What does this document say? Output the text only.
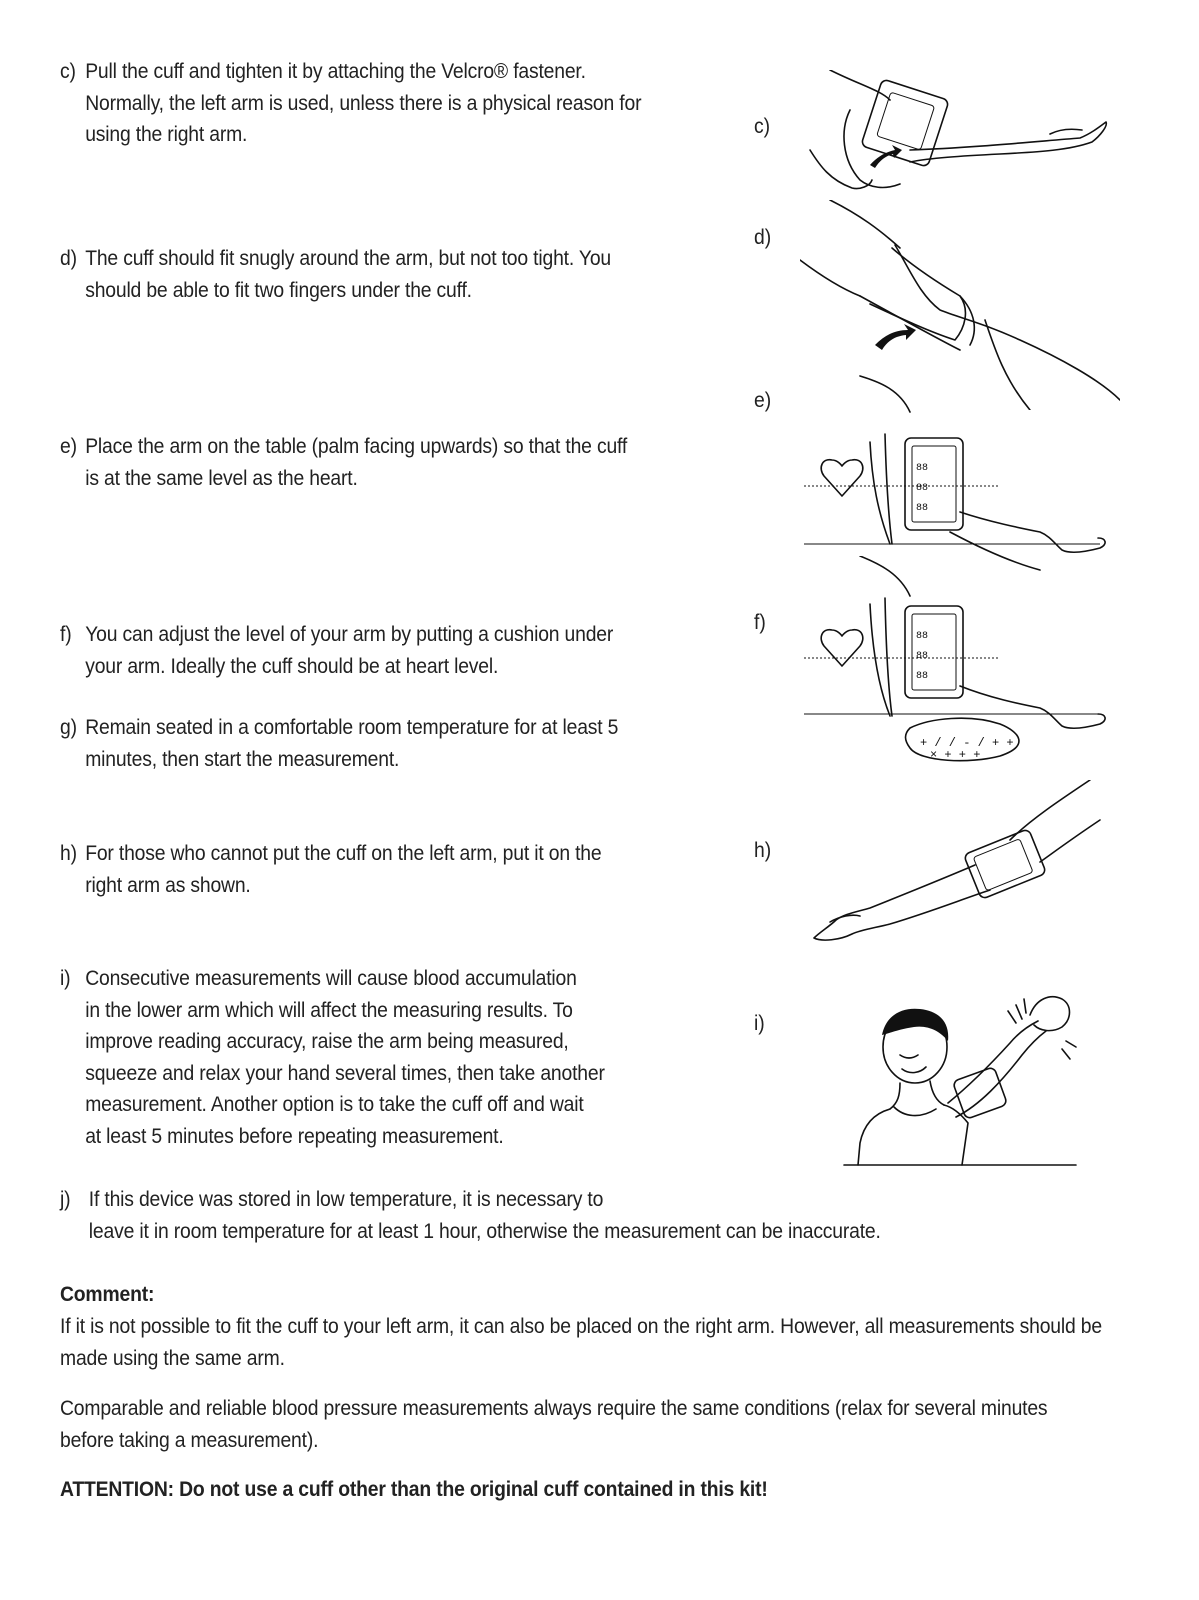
c) Pull the cuff and tighten it by attaching the Velcro® fastener.
Normally, the left arm is used, unless there is a physical reason for
using the right arm.
d) The cuff should fit snugly around the arm, but not too tight. You
should be able to fit two fingers under the cuff.
e) Place the arm on the table (palm facing upwards) so that the cuff
is at the same level as the heart.
f) You can adjust the level of your arm by putting a cushion under
your arm. Ideally the cuff should be at heart level.
g) Remain seated in a comfortable room temperature for at least 5
minutes, then start the measurement.
h) For those who cannot put the cuff on the left arm, put it on the
right arm as shown.
i) Consecutive measurements will cause blood accumulation
in the lower arm which will affect the measuring results. To
improve reading accuracy, raise the arm being measured,
squeeze and relax your hand several times, then take another
measurement. Another option is to take the cuff off and wait
at least 5 minutes before repeating measurement.
j) If this device was stored in low temperature, it is necessary to
leave it in room temperature for at least 1 hour, otherwise the measurement can be inaccurate.
c)
d)
e)
f)
h)
i)
88
88
88
88
88
88
+ / / - / + +
× + + +
Comment:
If it is not possible to fit the cuff to your left arm, it can also be placed on the right arm. However, all measurements should be made using the same arm.
Comparable and reliable blood pressure measurements always require the same conditions (relax for several minutes before taking a measurement).
ATTENTION: Do not use a cuff other than the original cuff contained in this kit!
